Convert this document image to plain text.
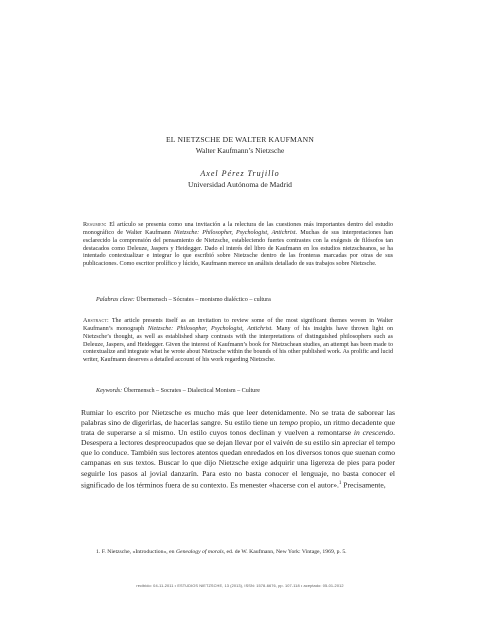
EL NIETZSCHE DE WALTER KAUFMANN
Walter Kaufmann’s Nietzsche
Axel Pérez Trujillo
Universidad Autónoma de Madrid

Resumen: El artículo se presenta como una invitación a la relectura de las cuestiones más importantes dentro del estudio monográfico de Walter Kaufmann Nietzsche: Philosopher, Psychologist, Antichrist. Muchas de sus interpretaciones han esclarecido la comprensión del pensamiento de Nietzsche, estableciendo fuertes contrastes con la exégesis de filósofos tan destacados como Deleuze, Jaspers y Heidegger. Dado el interés del libro de Kaufmann en los estudios nietzscheanos, se ha intentado contextualizar e integrar lo que escribió sobre Nietzsche dentro de las fronteras marcadas por otras de sus publicaciones. Como escritor prolífico y lúcido, Kaufmann merece un análisis detallado de sus trabajos sobre Nietzsche.

Palabras clave: Übermensch – Sócrates – monismo dialéctico – cultura

Abstract: The article presents itself as an invitation to review some of the most significant themes woven in Walter Kaufmann’s monograph Nietzsche: Philosopher, Psychologist, Antichrist. Many of his insights have thrown light on Nietzsche’s thought, as well as established sharp contrasts with the interpretations of distinguished philosophers such as Deleuze, Jaspers, and Heidegger. Given the interest of Kaufmann’s book for Nietzschean studies, an attempt has been made to contextualize and integrate what he wrote about Nietzsche within the bounds of his other published work. As prolific and lucid writer, Kaufmann deserves a detailed account of his work regarding Nietzsche.

Keywords: Übermensch – Socrates – Dialectical Monism – Culture

Rumiar lo escrito por Nietzsche es mucho más que leer detenidamente. No se trata de saborear las palabras sino de digerirlas, de hacerlas sangre. Su estilo tiene un tempo propio, un ritmo decadente que trata de superarse a sí mismo. Un estilo cuyos tonos declinan y vuelven a remontarse in crescendo. Desespera a lectores despreocupados que se dejan llevar por el vaivén de su estilo sin apreciar el tempo que lo conduce. También sus lectores atentos quedan enredados en los diversos tonos que suenan como campanas en sus textos. Buscar lo que dijo Nietzsche exige adquirir una ligereza de pies para poder seguirle los pasos al jovial danzarín. Para esto no basta conocer el lenguaje, no basta conocer el significado de los términos fuera de su contexto. Es menester «hacerse con el autor».$^1$ Precisamente,

1. F. Nietzsche, «Introduction», en Genealogy of morals, ed. de W. Kaufmann, New York: Vintage, 1969, p. 5.
recibido: 04-11-2011 • ESTUDIOS NIETZSCHE, 13 (2013), ISSN: 1578-6676, pp. 107-118 • aceptado: 05-01-2012
